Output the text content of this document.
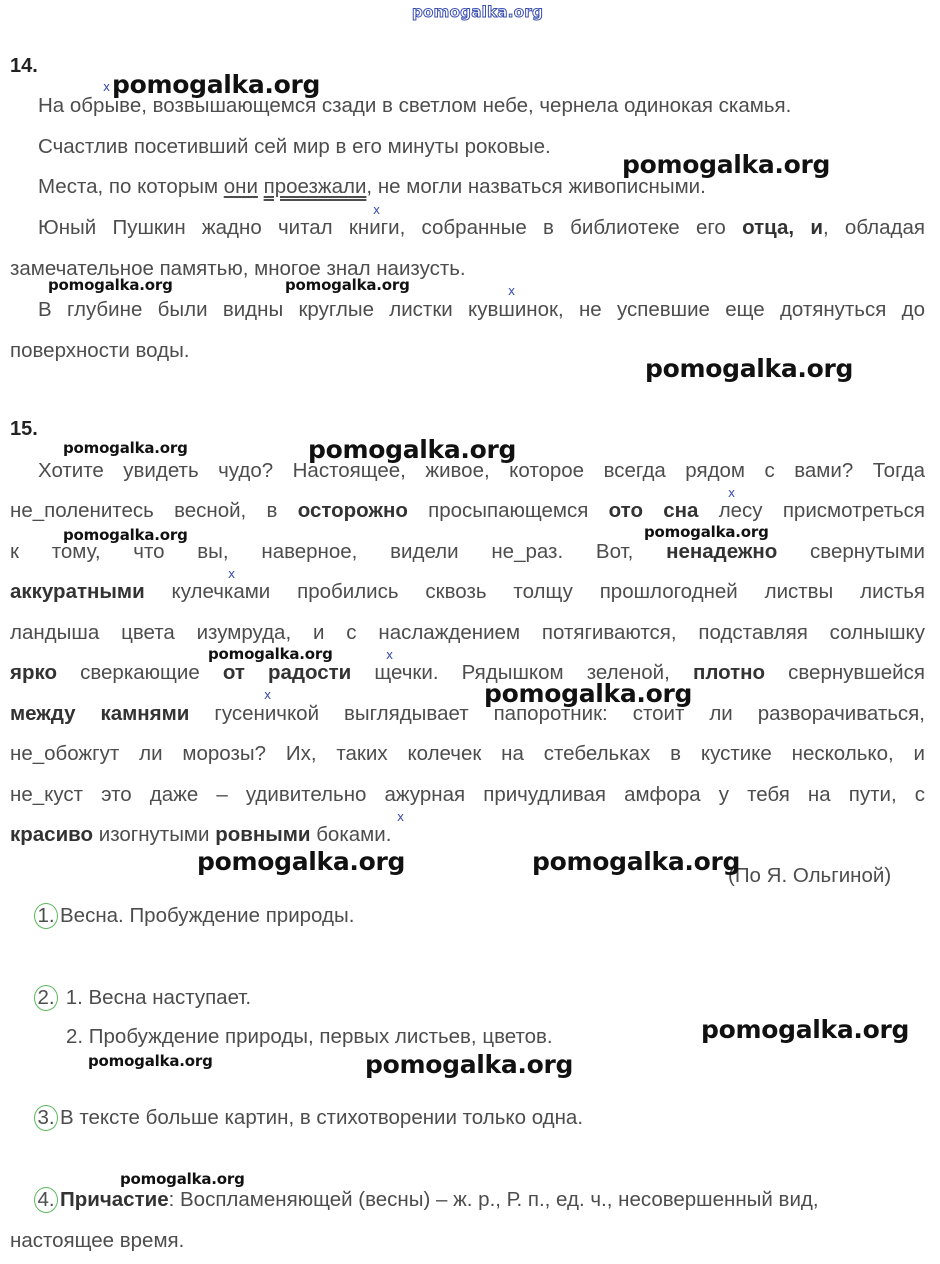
pomogalka.org
14.
На обрыве, возвышающемся сзади в светлом небе, чернела одинокая скамья.
Счастлив посетивший сей мир в его минуты роковые.
Места, по которым они проезжали, не могли назваться живописными.
Юный Пушкин жадно читал книги, собранные в библиотеке его отца, и, обладая
замечательное памятью, многое знал наизусть.
В глубине были видны круглые листки кувшинок, не успевшие еще дотянуться до
поверхности воды.
15.
Хотите увидеть чудо? Настоящее, живое, которое всегда рядом с вами? Тогда
не_поленитесь весной, в осторожно просыпающемся ото сна лесу присмотреться
к тому, что вы, наверное, видели не_раз. Вот, ненадежно свернутыми
аккуратными кулечками пробились сквозь толщу прошлогодней листвы листья
ландыша цвета изумруда, и с наслаждением потягиваются, подставляя солнышку
ярко сверкающие от радости щечки. Рядышком зеленой, плотно свернувшейся
между камнями гусеничкой выглядывает папоротник: стоит ли разворачиваться,
не_обожгут ли морозы? Их, таких колечек на стебельках в кустике несколько, и
не_куст это даже – удивительно ажурная причудливая амфора у тебя на пути, с
красиво изогнутыми ровными боками.
(По Я. Ольгиной)
1. Весна. Пробуждение природы.
2. 1. Весна наступает.
2. Пробуждение природы, первых листьев, цветов.
3. В тексте больше картин, в стихотворении только одна.
4. Причастие: Воспламеняющей (весны) – ж. р., Р. п., ед. ч., несовершенный вид,
настоящее время.
x
x
x
x
x
x
x
x
pomogalka.org
pomogalka.org
pomogalka.org	pomogalka.org
pomogalka.org
pomogalka.org	pomogalka.org
pomogalka.org	pomogalka.org
pomogalka.org
pomogalka.org
pomogalka.org	pomogalka.org
pomogalka.org
pomogalka.org	pomogalka.org
pomogalka.org
